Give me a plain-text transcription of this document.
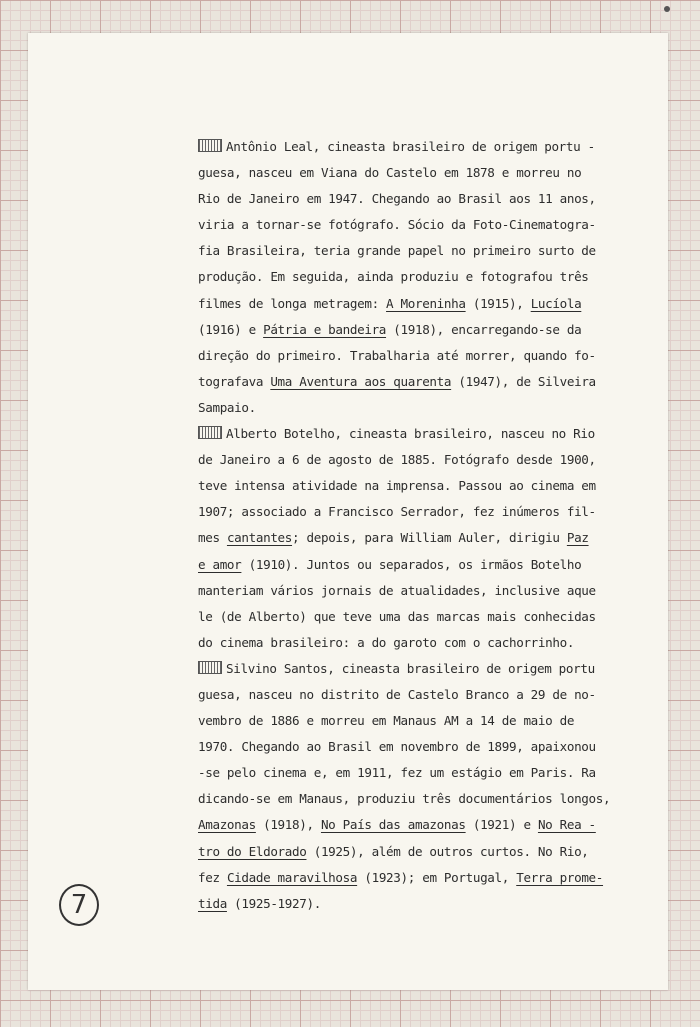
Antônio Leal, cineasta brasileiro de origem portu -
guesa, nasceu em Viana do Castelo em 1878 e morreu no
Rio de Janeiro em 1947. Chegando ao Brasil aos 11 anos,
viria a tornar-se fotógrafo. Sócio da Foto-Cinematogra-
fia Brasileira, teria grande papel no primeiro surto de
produção. Em seguida, ainda produziu e fotografou três
filmes de longa metragem: A Moreninha (1915), Lucíola
(1916) e Pátria e bandeira (1918), encarregando-se da
direção do primeiro. Trabalharia até morrer, quando fo-
tografava Uma Aventura aos quarenta (1947), de Silveira
Sampaio.
Alberto Botelho, cineasta brasileiro, nasceu no Rio
de Janeiro a 6 de agosto de 1885. Fotógrafo desde 1900,
teve intensa atividade na imprensa. Passou ao cinema em
1907; associado a Francisco Serrador, fez inúmeros fil-
mes cantantes; depois, para William Auler, dirigiu Paz
e amor (1910). Juntos ou separados, os irmãos Botelho
manteriam vários jornais de atualidades, inclusive aque
le (de Alberto) que teve uma das marcas mais conhecidas
do cinema brasileiro: a do garoto com o cachorrinho.
Silvino Santos, cineasta brasileiro de origem portu
guesa, nasceu no distrito de Castelo Branco a 29 de no-
vembro de 1886 e morreu em Manaus AM a 14 de maio de
1970. Chegando ao Brasil em novembro de 1899, apaixonou
-se pelo cinema e, em 1911, fez um estágio em Paris. Ra
dicando-se em Manaus, produziu três documentários longos,
Amazonas (1918), No País das amazonas (1921) e No Rea -
tro do Eldorado (1925), além de outros curtos. No Rio,
fez Cidade maravilhosa (1923); em Portugal, Terra prome-
tida (1925-1927).
7
